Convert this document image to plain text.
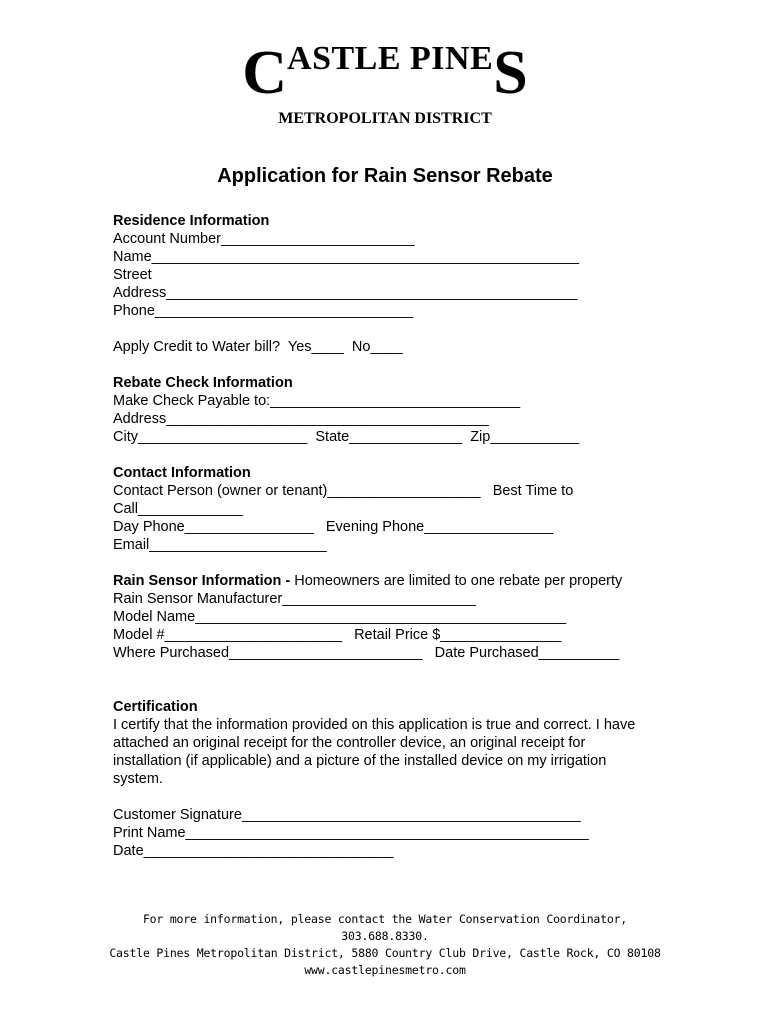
CASTLE PINES
METROPOLITAN DISTRICT
Application for Rain Sensor Rebate
Residence Information
Account Number________________________
Name_____________________________________________________
Street
Address___________________________________________________
Phone________________________________
Apply Credit to Water bill?  Yes____  No____
Rebate Check Information
Make Check Payable to:_______________________________
Address________________________________________
City_____________________  State______________  Zip___________
Contact Information
Contact Person (owner or tenant)___________________   Best Time to
Call_____________
Day Phone________________   Evening Phone________________
Email______________________
Rain Sensor Information - Homeowners are limited to one rebate per property
Rain Sensor Manufacturer________________________
Model Name______________________________________________
Model #______________________   Retail Price $_______________
Where Purchased________________________   Date Purchased__________
Certification
I certify that the information provided on this application is true and correct. I have attached an original receipt for the controller device, an original receipt for installation (if applicable) and a picture of the installed device on my irrigation system.
Customer Signature__________________________________________
Print Name__________________________________________________
Date_______________________________
For more information, please contact the Water Conservation Coordinator,
303.688.8330.
Castle Pines Metropolitan District, 5880 Country Club Drive, Castle Rock, CO 80108
www.castlepinesmetro.com
